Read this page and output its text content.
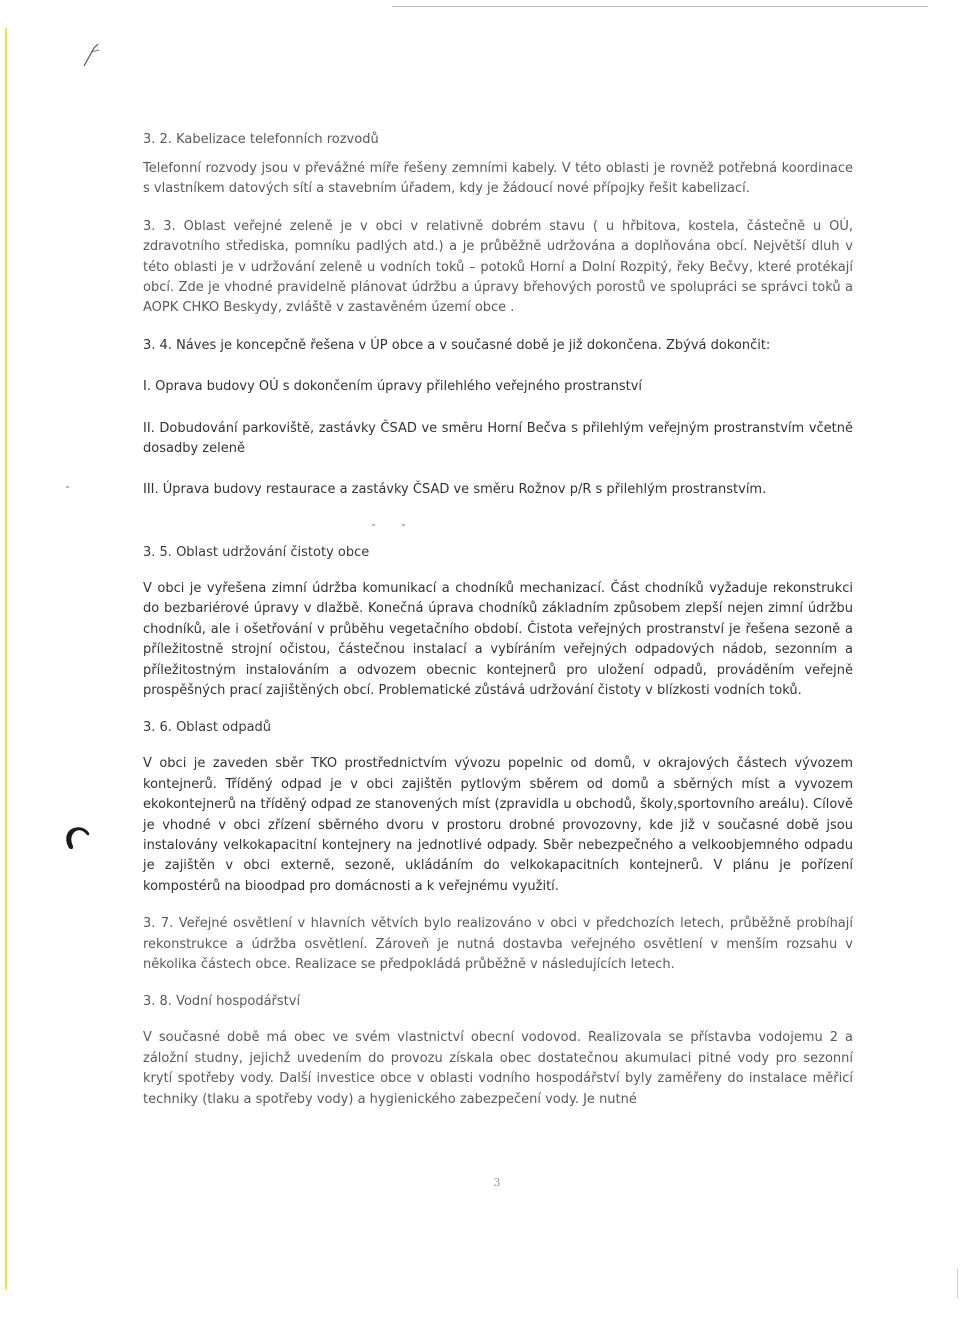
3. 2. Kabelizace telefonních rozvodů

Telefonní rozvody jsou v převážné míře řešeny zemními kabely. V této oblasti je rovněž potřebná koordinace s vlastníkem datových sítí a stavebním úřadem, kdy je žádoucí nové přípojky řešit kabelizací.

3. 3. Oblast veřejné zeleně je v obci v relativně dobrém stavu ( u hřbitova, kostela, částečně u OÚ, zdravotního střediska, pomníku padlých atd.) a je průběžně udržována a doplňována obcí. Největší dluh v této oblasti je v udržování zeleně u vodních toků – potoků Horní a Dolní Rozpitý, řeky Bečvy, které protékají obcí. Zde je vhodné pravidelně plánovat údržbu a úpravy břehových porostů ve spolupráci se správci toků a AOPK CHKO Beskydy, zvláště v zastavěném území obce .

3. 4. Náves je koncepčně řešena v ÚP obce a v současné době je již dokončena. Zbývá dokončit:

I. Oprava budovy OÚ s dokončením úpravy přilehlého veřejného prostranství

II. Dobudování parkoviště, zastávky ČSAD ve směru Horní Bečva s přilehlým veřejným prostranstvím včetně dosadby zeleně

III. Úprava budovy restaurace a zastávky ČSAD ve směru Rožnov p/R s přilehlým prostranstvím.

3. 5. Oblast udržování čistoty obce

V obci je vyřešena zimní údržba komunikací a chodníků mechanizací. Část chodníků vyžaduje rekonstrukci do bezbariérové úpravy v dlažbě. Konečná úprava chodníků základním způsobem zlepší nejen zimní údržbu chodníků, ale i ošetřování v průběhu vegetačního období. Čistota veřejných prostranství je řešena sezoně a příležitostně strojní očistou, částečnou instalací a vybíráním veřejných odpadových nádob, sezonním a příležitostným instalováním a odvozem obecnic kontejnerů pro uložení odpadů, prováděním veřejně prospěšných prací zajištěných obcí. Problematické zůstává udržování čistoty v blízkosti vodních toků.

3. 6. Oblast odpadů

V obci je zaveden sběr TKO prostřednictvím vývozu popelnic od domů, v okrajových částech vývozem kontejnerů. Tříděný odpad je v obci zajištěn pytlovým sběrem od domů a sběrných míst a vyvozem ekokontejnerů na tříděný odpad ze stanovených míst (zpravidla u obchodů, školy,sportovního areálu). Cílově je vhodné v obci zřízení sběrného dvoru v prostoru drobné provozovny, kde již v současné době jsou instalovány velkokapacitní kontejnery na jednotlivé odpady. Sběr nebezpečného a velkoobjemného odpadu je zajištěn v obci externě, sezoně, ukládáním do velkokapacitních kontejnerů. V plánu je pořízení kompostérů na bioodpad pro domácnosti a k veřejnému využití.

3. 7. Veřejné osvětlení v hlavních větvích bylo realizováno v obci v předchozích letech, průběžně probíhají rekonstrukce a údržba osvětlení. Zároveň je nutná dostavba veřejného osvětlení v menším rozsahu v několika částech obce. Realizace se předpokládá průběžně v následujících letech.

3. 8. Vodní hospodářství

V současné době má obec ve svém vlastnictví obecní vodovod. Realizovala se přístavba vodojemu 2 a záložní studny, jejichž uvedením do provozu získala obec dostatečnou akumulaci pitné vody pro sezonní krytí spotřeby vody. Další investice obce v oblasti vodního hospodářství byly zaměřeny do instalace měřicí techniky (tlaku a spotřeby vody) a hygienického zabezpečení vody. Je nutné

3
